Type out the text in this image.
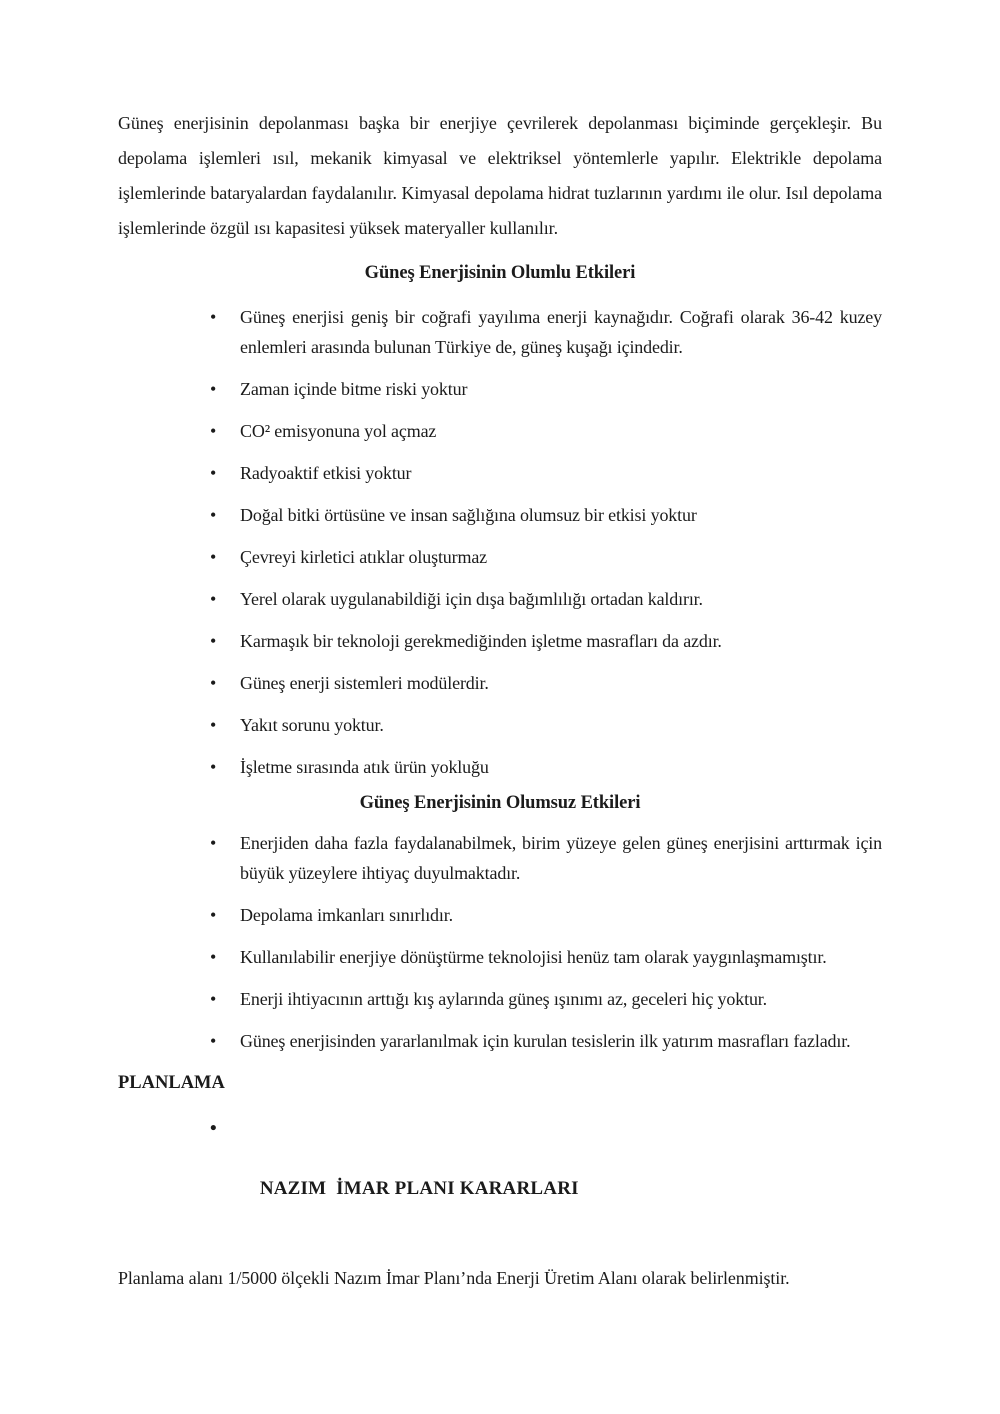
Güneş enerjisinin depolanması başka bir enerjiye çevrilerek depolanması biçiminde gerçekleşir. Bu depolama işlemleri ısıl, mekanik kimyasal ve elektriksel yöntemlerle yapılır. Elektrikle depolama işlemlerinde bataryalardan faydalanılır. Kimyasal depolama hidrat tuzlarının yardımı ile olur. Isıl depolama işlemlerinde özgül ısı kapasitesi yüksek materyaller kullanılır.

Güneş Enerjisinin Olumlu Etkileri
• Güneş enerjisi geniş bir coğrafi yayılıma enerji kaynağıdır. Coğrafi olarak 36-42 kuzey enlemleri arasında bulunan Türkiye de, güneş kuşağı içindedir.
• Zaman içinde bitme riski yoktur
• CO² emisyonuna yol açmaz
• Radyoaktif etkisi yoktur
• Doğal bitki örtüsüne ve insan sağlığına olumsuz bir etkisi yoktur
• Çevreyi kirletici atıklar oluşturmaz
• Yerel olarak uygulanabildiği için dışa bağımlılığı ortadan kaldırır.
• Karmaşık bir teknoloji gerekmediğinden işletme masrafları da azdır.
• Güneş enerji sistemleri modülerdir.
• Yakıt sorunu yoktur.
• İşletme sırasında atık ürün yokluğu
Güneş Enerjisinin Olumsuz Etkileri
• Enerjiden daha fazla faydalanabilmek, birim yüzeye gelen güneş enerjisini arttırmak için büyük yüzeylere ihtiyaç duyulmaktadır.
• Depolama imkanları sınırlıdır.
• Kullanılabilir enerjiye dönüştürme teknolojisi henüz tam olarak yaygınlaşmamıştır.
• Enerji ihtiyacının arttığı kış aylarında güneş ışınımı az, geceleri hiç yoktur.
• Güneş enerjisinden yararlanılmak için kurulan tesislerin ilk yatırım masrafları fazladır.
PLANLAMA

•

NAZIM  İMAR PLANI KARARLARI

Planlama alanı 1/5000 ölçekli Nazım İmar Planı’nda Enerji Üretim Alanı olarak belirlenmiştir.
